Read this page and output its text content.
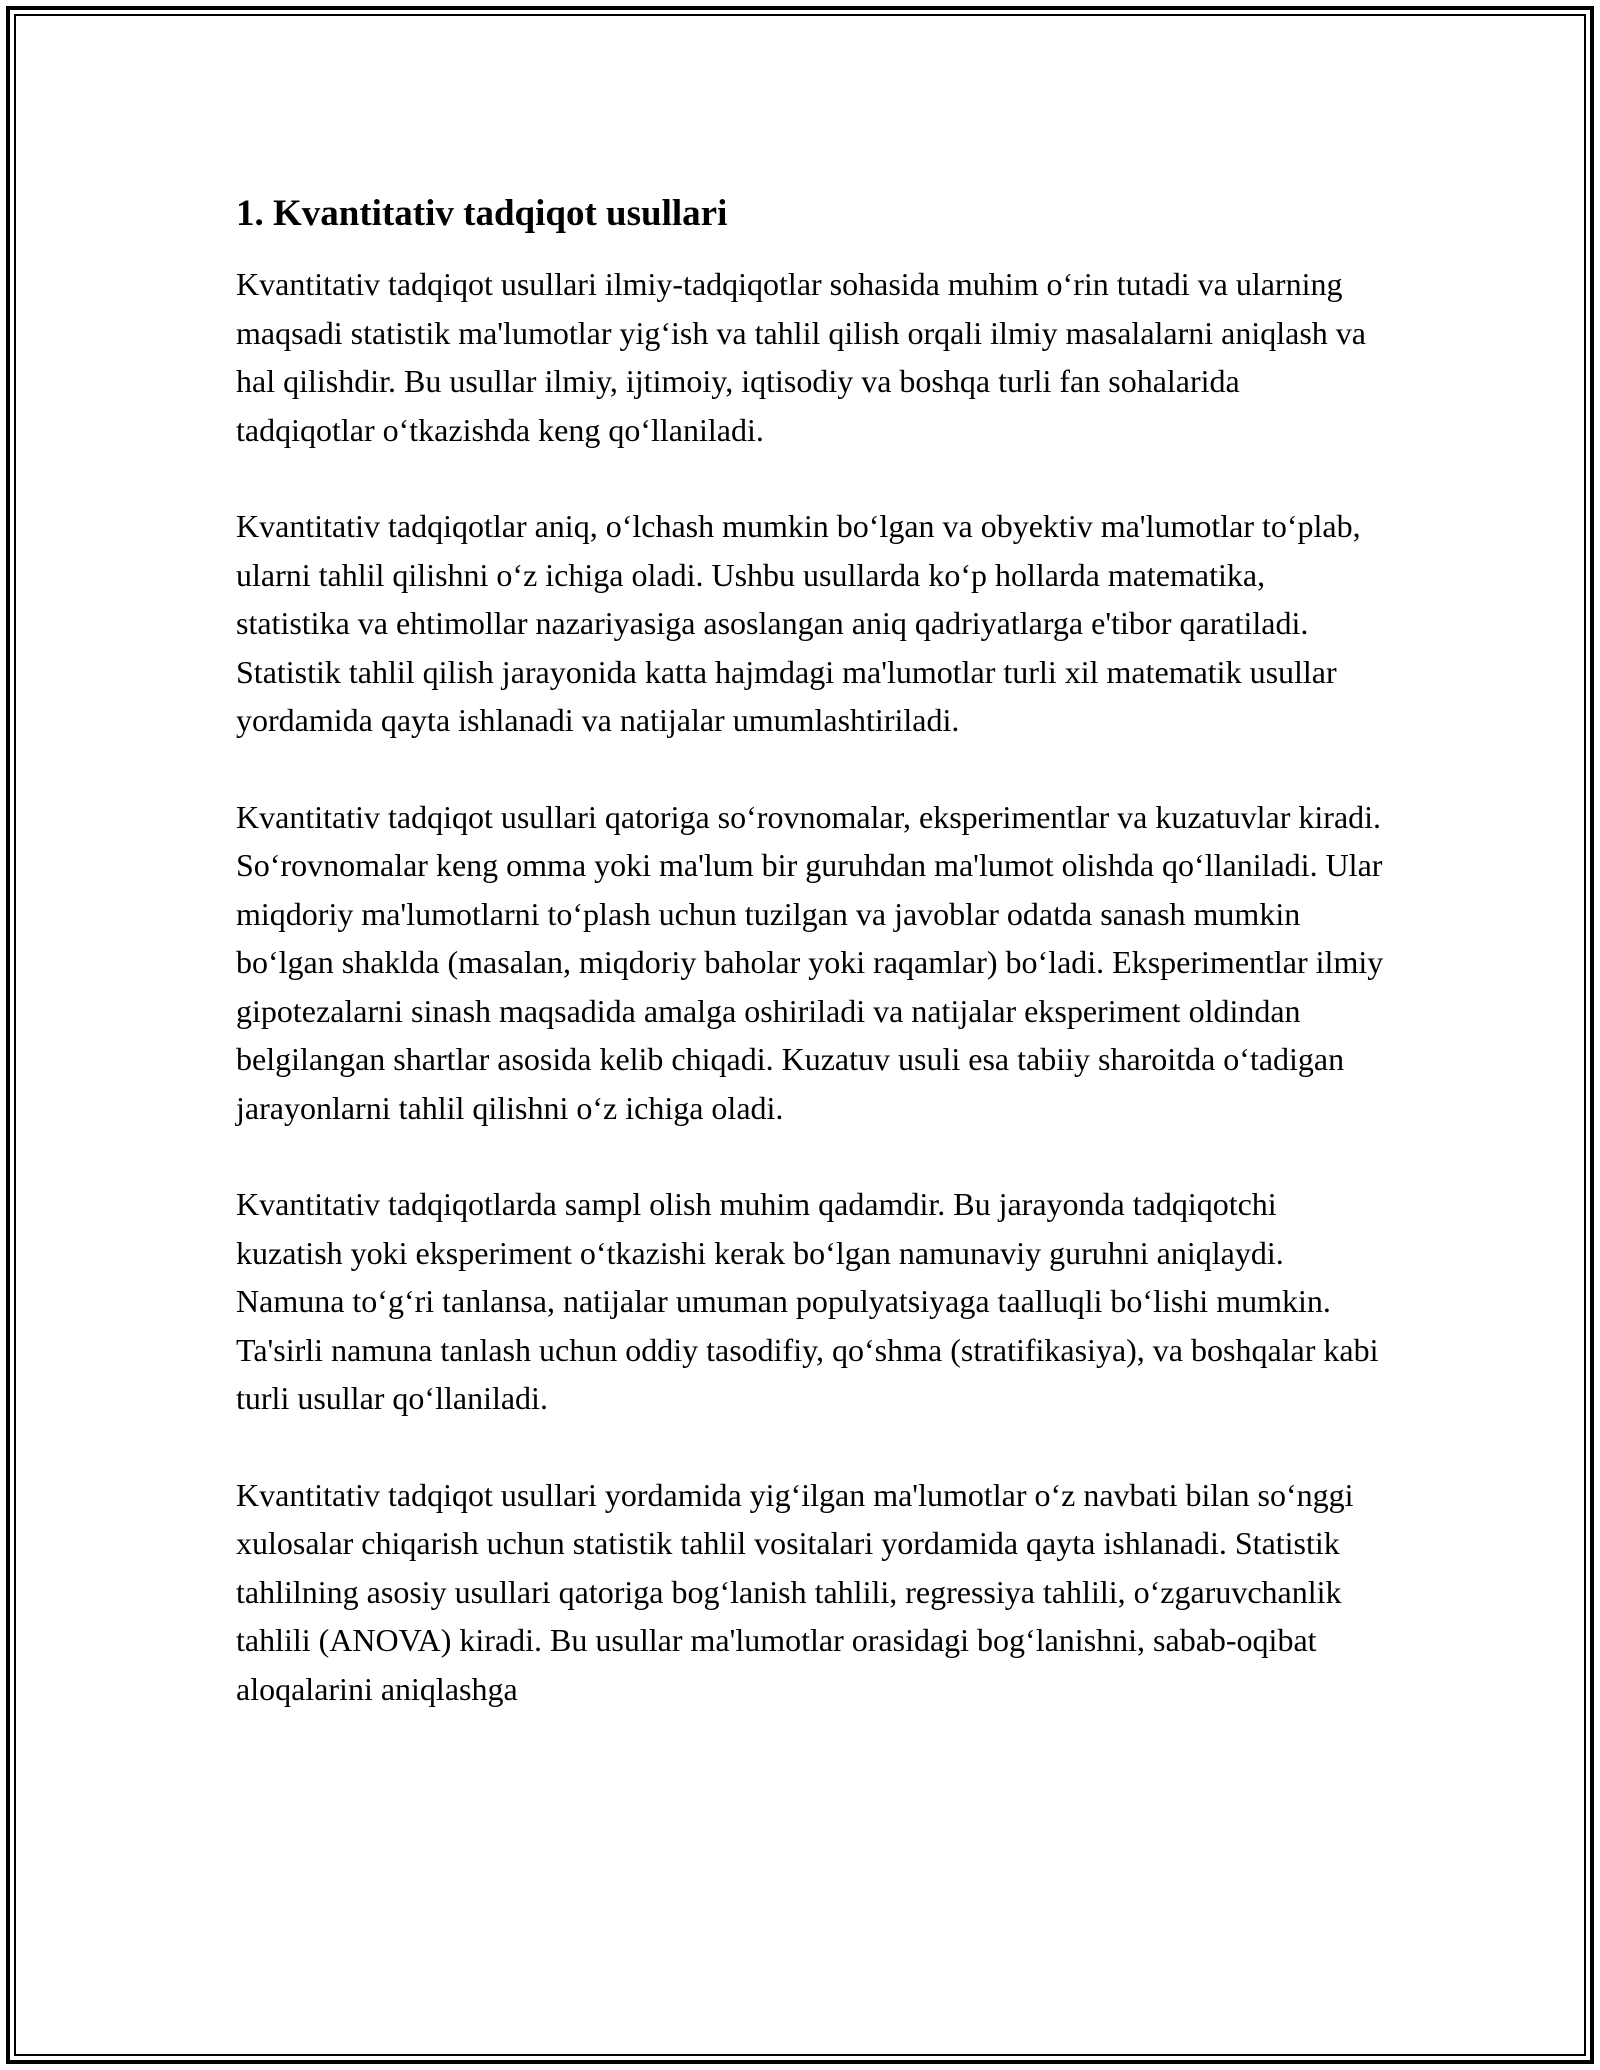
1. Kvantitativ tadqiqot usullari

Kvantitativ tadqiqot usullari ilmiy-tadqiqotlar sohasida muhim o‘rin tutadi va ularning maqsadi statistik ma'lumotlar yig‘ish va tahlil qilish orqali ilmiy masalalarni aniqlash va hal qilishdir. Bu usullar ilmiy, ijtimoiy, iqtisodiy va boshqa turli fan sohalarida tadqiqotlar o‘tkazishda keng qo‘llaniladi.

Kvantitativ tadqiqotlar aniq, o‘lchash mumkin bo‘lgan va obyektiv ma'lumotlar to‘plab, ularni tahlil qilishni o‘z ichiga oladi. Ushbu usullarda ko‘p hollarda matematika, statistika va ehtimollar nazariyasiga asoslangan aniq qadriyatlarga e'tibor qaratiladi. Statistik tahlil qilish jarayonida katta hajmdagi ma'lumotlar turli xil matematik usullar yordamida qayta ishlanadi va natijalar umumlashtiriladi.

Kvantitativ tadqiqot usullari qatoriga so‘rovnomalar, eksperimentlar va kuzatuvlar kiradi. So‘rovnomalar keng omma yoki ma'lum bir guruhdan ma'lumot olishda qo‘llaniladi. Ular miqdoriy ma'lumotlarni to‘plash uchun tuzilgan va javoblar odatda sanash mumkin bo‘lgan shaklda (masalan, miqdoriy baholar yoki raqamlar) bo‘ladi. Eksperimentlar ilmiy gipotezalarni sinash maqsadida amalga oshiriladi va natijalar eksperiment oldindan belgilangan shartlar asosida kelib chiqadi. Kuzatuv usuli esa tabiiy sharoitda o‘tadigan jarayonlarni tahlil qilishni o‘z ichiga oladi.

Kvantitativ tadqiqotlarda sampl olish muhim qadamdir. Bu jarayonda tadqiqotchi kuzatish yoki eksperiment o‘tkazishi kerak bo‘lgan namunaviy guruhni aniqlaydi. Namuna to‘g‘ri tanlansa, natijalar umuman populyatsiyaga taalluqli bo‘lishi mumkin. Ta'sirli namuna tanlash uchun oddiy tasodifiy, qo‘shma (stratifikasiya), va boshqalar kabi turli usullar qo‘llaniladi.

Kvantitativ tadqiqot usullari yordamida yig‘ilgan ma'lumotlar o‘z navbati bilan so‘nggi xulosalar chiqarish uchun statistik tahlil vositalari yordamida qayta ishlanadi. Statistik tahlilning asosiy usullari qatoriga bog‘lanish tahlili, regressiya tahlili, o‘zgaruvchanlik tahlili (ANOVA) kiradi. Bu usullar ma'lumotlar orasidagi bog‘lanishni, sabab-oqibat aloqalarini aniqlashga
